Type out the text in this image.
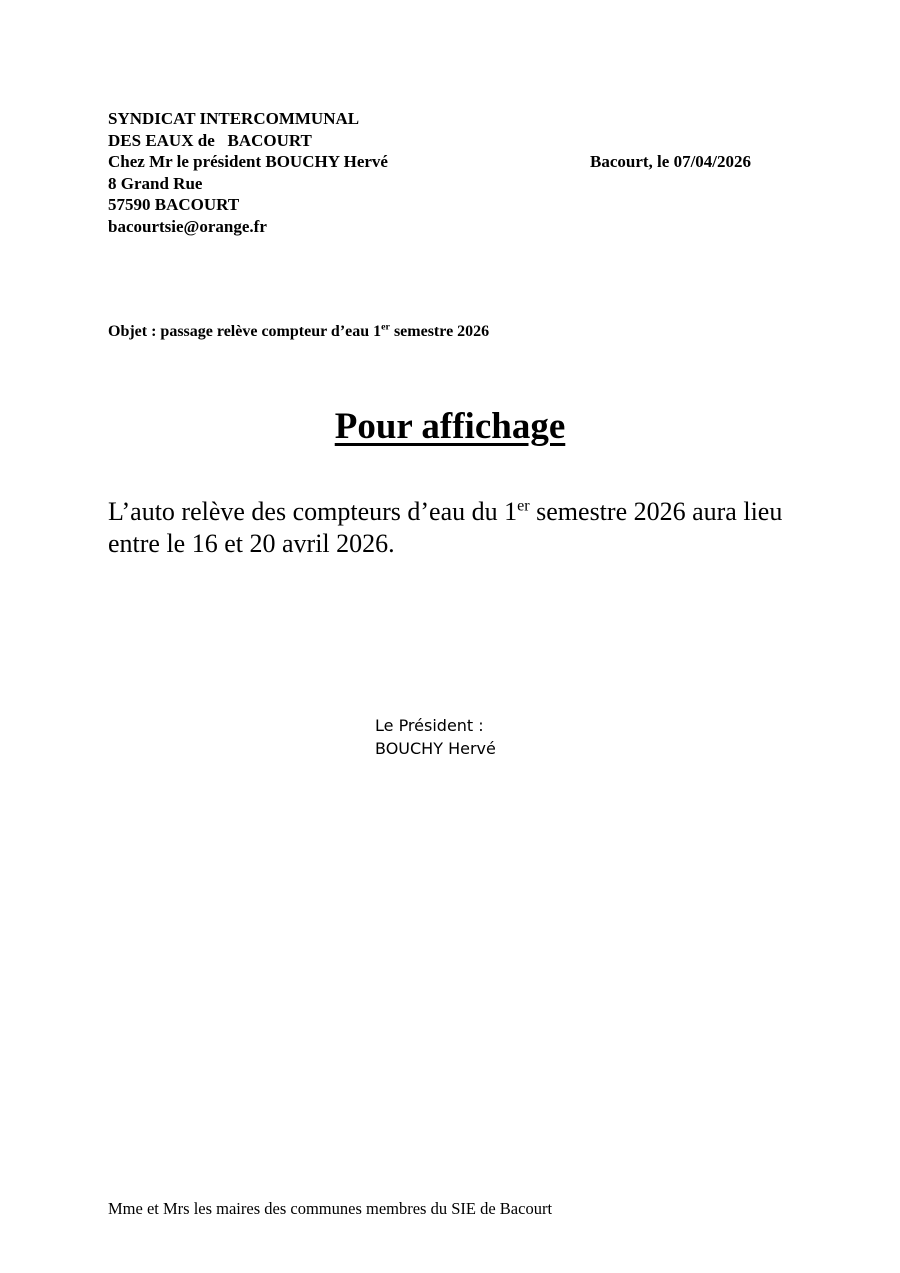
SYNDICAT INTERCOMMUNAL
DES EAUX de   BACOURT
Chez Mr le président BOUCHY Hervé
8 Grand Rue
57590 BACOURT
bacourtsie@orange.fr
Bacourt, le 07/04/2026
Objet : passage relève compteur d’eau 1er semestre 2026
Pour affichage
L’auto relève des compteurs d’eau du 1er semestre 2026 aura lieu entre le 16 et 20 avril 2026.
Le Président :
BOUCHY Hervé
Mme et Mrs les maires des communes membres du SIE de Bacourt
